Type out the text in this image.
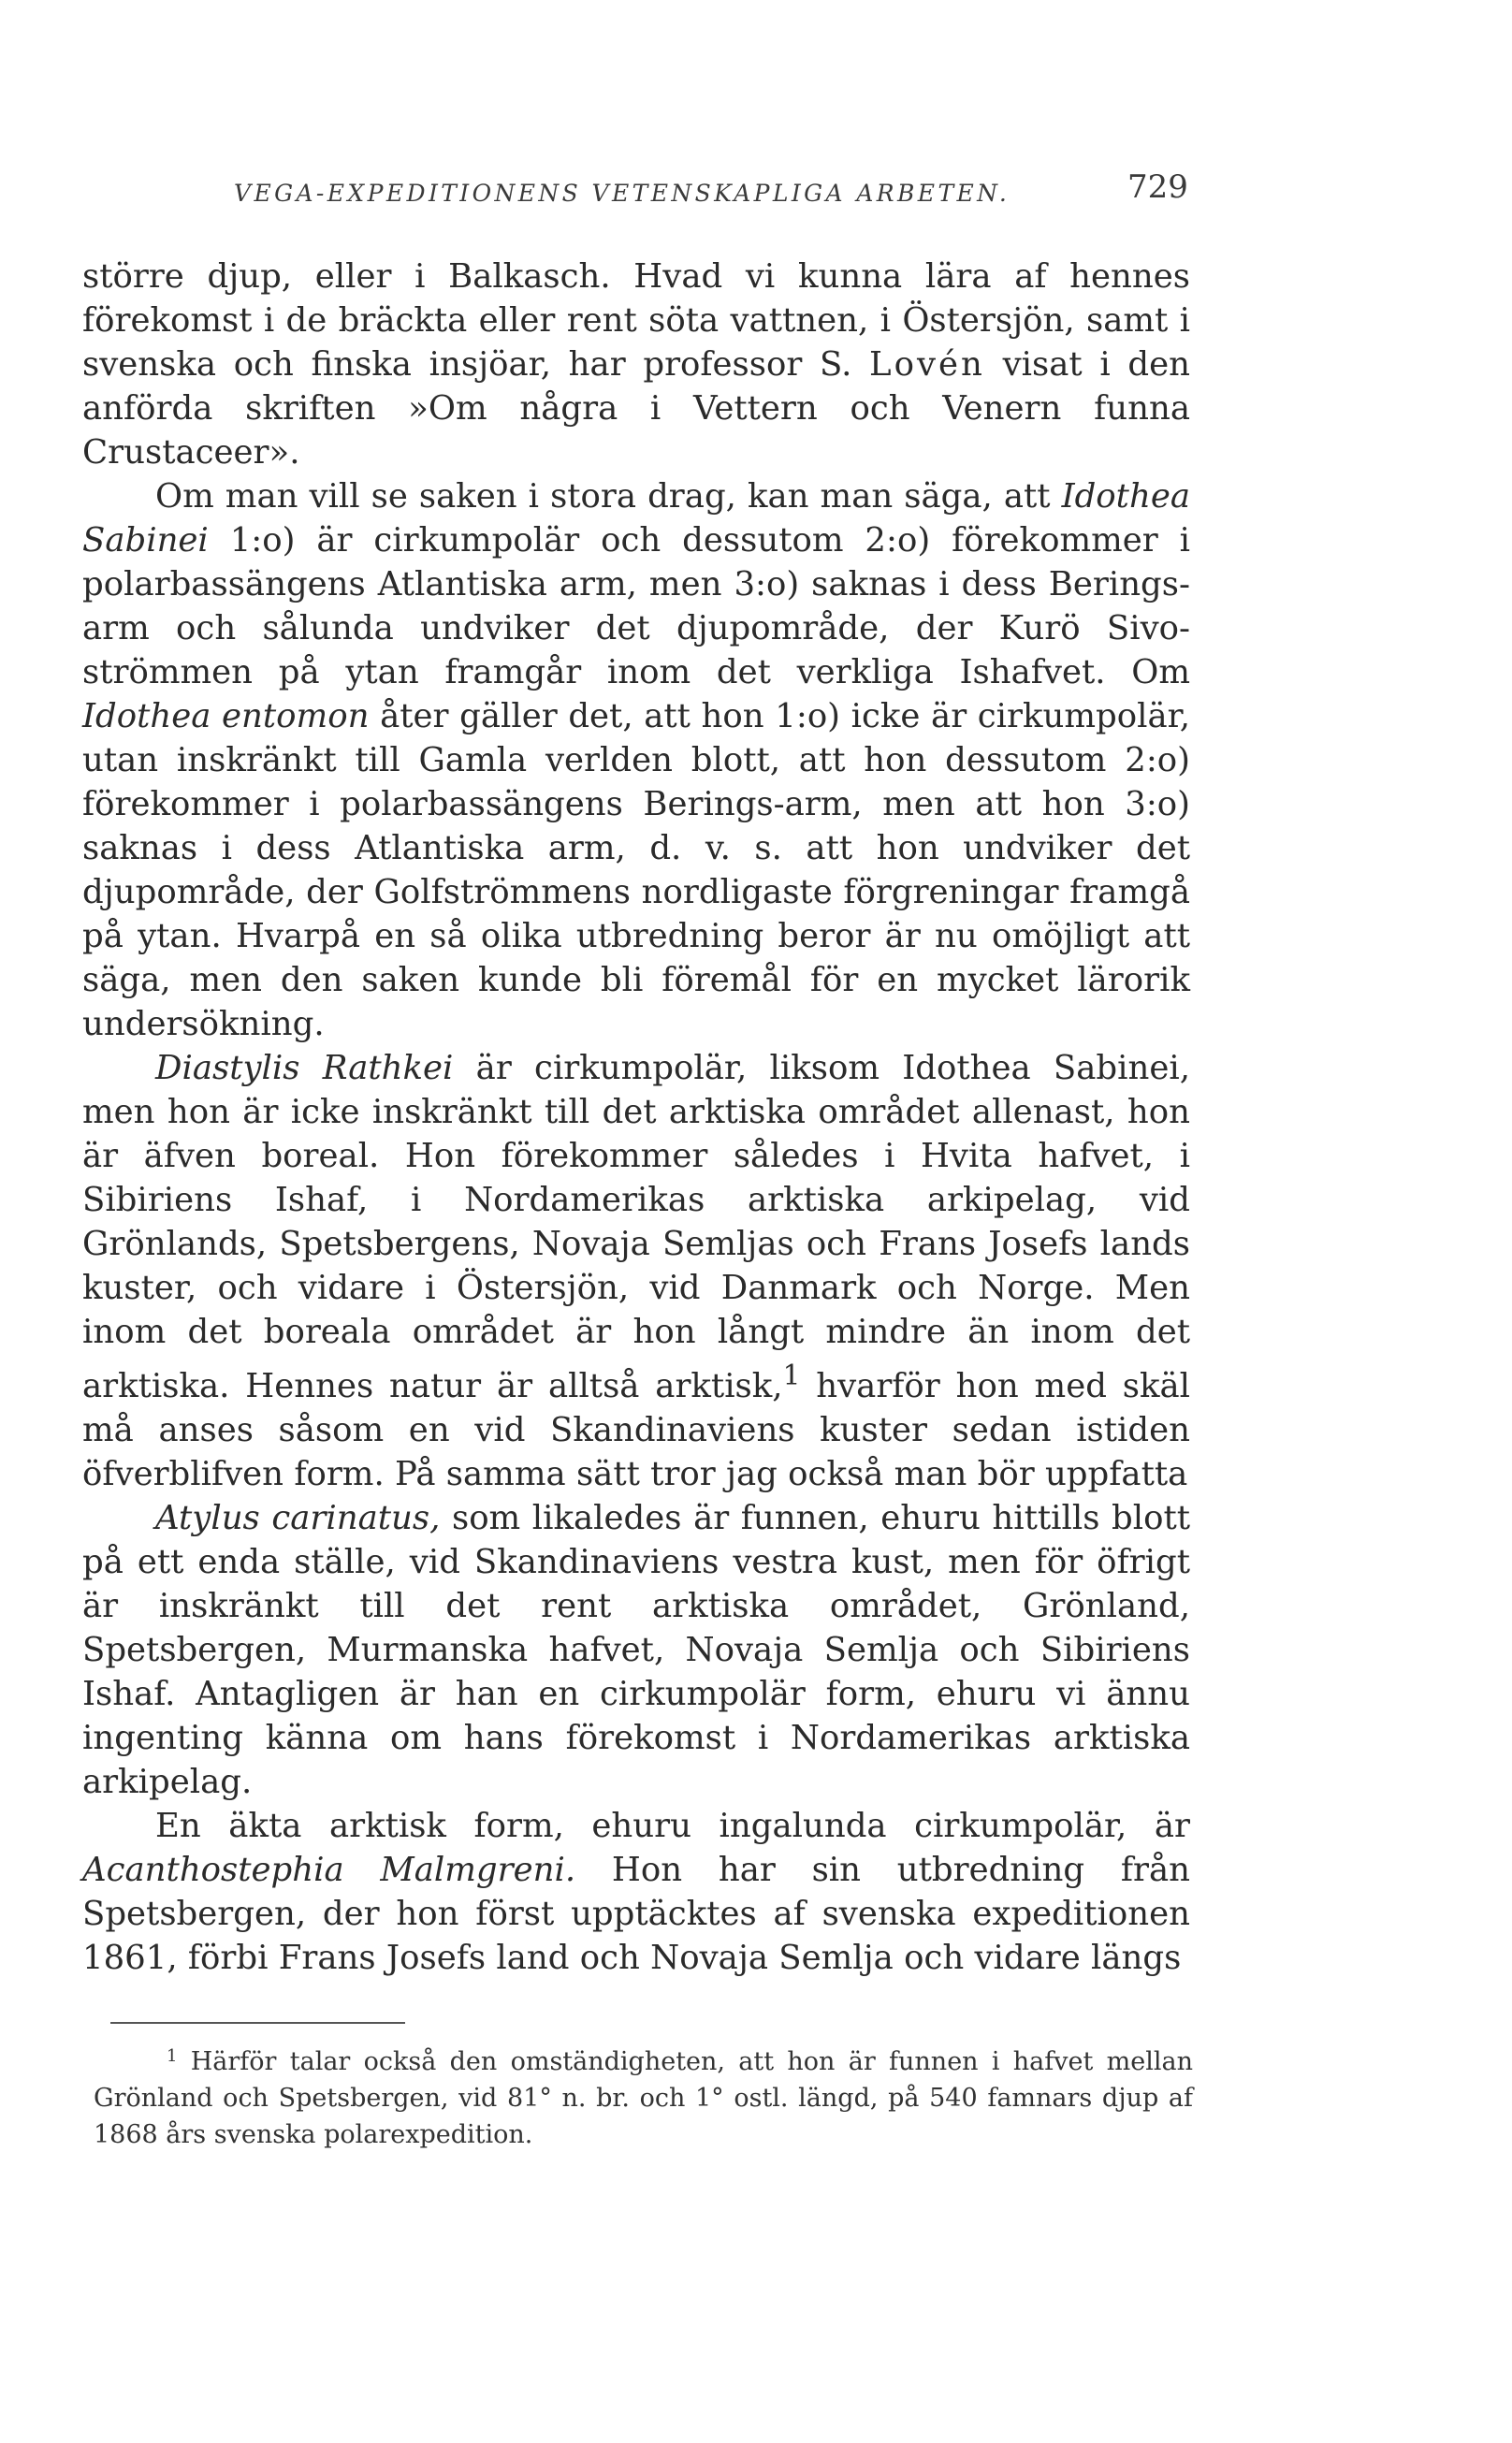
VEGA-EXPEDITIONENS VETENSKAPLIGA ARBETEN.	729

större djup, eller i Balkasch. Hvad vi kunna lära af hennes förekomst i de bräckta eller rent söta vattnen, i Östersjön, samt i svenska och finska insjöar, har professor S. Lovén visat i den anförda skriften »Om några i Vettern och Venern funna Crustaceer».

Om man vill se saken i stora drag, kan man säga, att Idothea Sabinei 1:o) är cirkumpolär och dessutom 2:o) förekommer i polarbassängens Atlantiska arm, men 3:o) saknas i dess Berings-arm och sålunda undviker det djupområde, der Kurö Sivo-strömmen på ytan framgår inom det verkliga Ishafvet. Om Idothea entomon åter gäller det, att hon 1:o) icke är cirkumpolär, utan inskränkt till Gamla verlden blott, att hon dessutom 2:o) förekommer i polarbassängens Berings-arm, men att hon 3:o) saknas i dess Atlantiska arm, d. v. s. att hon undviker det djupområde, der Golfströmmens nordligaste förgreningar framgå på ytan. Hvarpå en så olika utbredning beror är nu omöjligt att säga, men den saken kunde bli föremål för en mycket lärorik undersökning.

Diastylis Rathkei är cirkumpolär, liksom Idothea Sabinei, men hon är icke inskränkt till det arktiska området allenast, hon är äfven boreal. Hon förekommer således i Hvita hafvet, i Sibiriens Ishaf, i Nordamerikas arktiska arkipelag, vid Grönlands, Spetsbergens, Novaja Semljas och Frans Josefs lands kuster, och vidare i Östersjön, vid Danmark och Norge. Men inom det boreala området är hon långt mindre än inom det arktiska. Hennes natur är alltså arktisk,$^1$ hvarför hon med skäl må anses såsom en vid Skandinaviens kuster sedan istiden öfverblifven form. På samma sätt tror jag också man bör uppfatta

Atylus carinatus, som likaledes är funnen, ehuru hittills blott på ett enda ställe, vid Skandinaviens vestra kust, men för öfrigt är inskränkt till det rent arktiska området, Grönland, Spetsbergen, Murmanska hafvet, Novaja Semlja och Sibiriens Ishaf. Antagligen är han en cirkumpolär form, ehuru vi ännu ingenting känna om hans förekomst i Nordamerikas arktiska arkipelag.

En äkta arktisk form, ehuru ingalunda cirkumpolär, är Acanthostephia Malmgreni. Hon har sin utbredning från Spetsbergen, der hon först upptäcktes af svenska expeditionen 1861, förbi Frans Josefs land och Novaja Semlja och vidare längs

$^1$ Härför talar också den omständigheten, att hon är funnen i hafvet mellan Grönland och Spetsbergen, vid 81° n. br. och 1° ostl. längd, på 540 famnars djup af 1868 års svenska polarexpedition.
